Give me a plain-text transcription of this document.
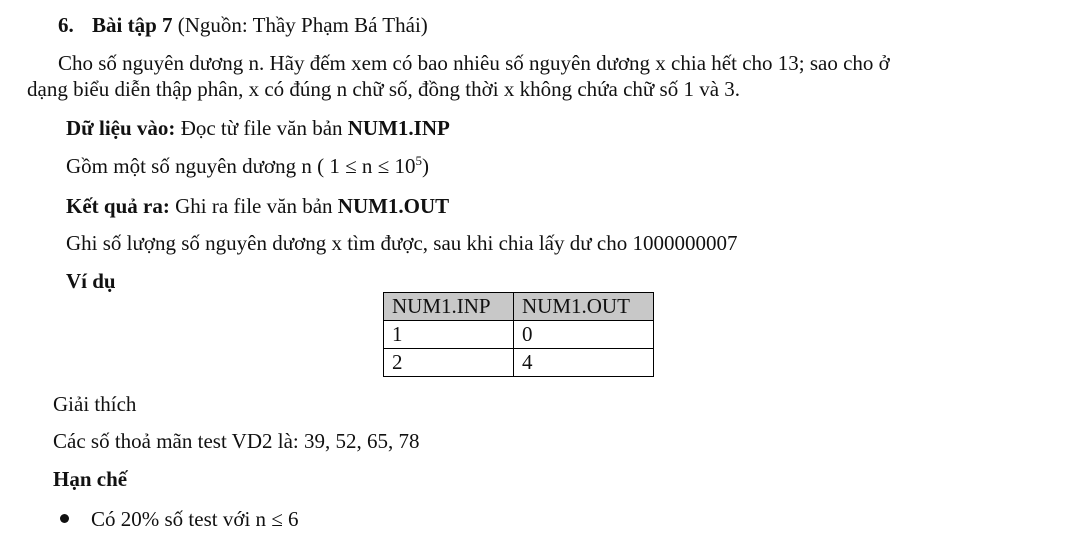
6. Bài tập 7 (Nguồn: Thầy Phạm Bá Thái)
Cho số nguyên dương n. Hãy đếm xem có bao nhiêu số nguyên dương x chia hết cho 13; sao cho ở
dạng biểu diễn thập phân, x có đúng n chữ số, đồng thời x không chứa chữ số 1 và 3.
Dữ liệu vào: Đọc từ file văn bản NUM1.INP
Gồm một số nguyên dương n ( $1 \le n \le 10^5$)
Kết quả ra: Ghi ra file văn bản NUM1.OUT
Ghi số lượng số nguyên dương x tìm được, sau khi chia lấy dư cho 1000000007
Ví dụ
NUM1.INP	NUM1.OUT
1	0
2	4
Giải thích
Các số thoả mãn test VD2 là: 39, 52, 65, 78
Hạn chế
Có 20% số test với n ≤ 6
